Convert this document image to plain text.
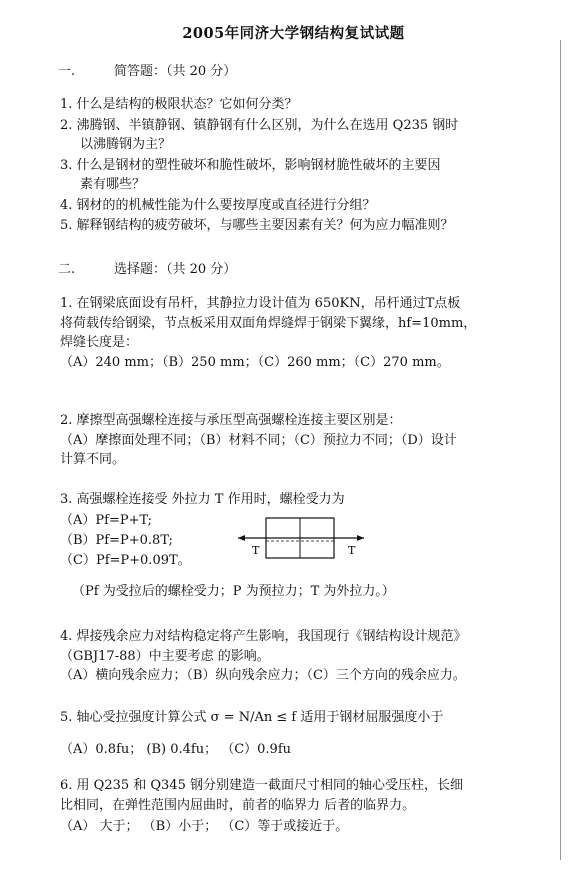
2005年同济大学钢结构复试试题
一.	简答题：（共 20 分）
1. 什么是结构的极限状态？它如何分类？
2. 沸腾钢、半镇静钢、镇静钢有什么区别，为什么在选用 Q235 钢时
以沸腾钢为主？
3. 什么是钢材的塑性破坏和脆性破坏，影响钢材脆性破坏的主要因
素有哪些？
4. 钢材的的机械性能为什么要按厚度或直径进行分组？
5. 解释钢结构的疲劳破坏，与哪些主要因素有关？何为应力幅准则？
二.	选择题：（共 20 分）
1. 在钢梁底面设有吊杆，其静拉力设计值为 650KN，吊杆通过T点板
将荷载传给钢梁，节点板采用双面角焊缝焊于钢梁下翼缘，hf=10mm，
焊缝长度是：
（A）240 mm；（B）250 mm；（C）260 mm；（C）270 mm。
2. 摩擦型高强螺栓连接与承压型高强螺栓连接主要区别是：
（A）摩擦面处理不同；（B）材料不同；（C）预拉力不同；（D）设计
计算不同。
3. 高强螺栓连接受 外拉力 T 作用时，螺栓受力为
（A）Pf=P+T;
（B）Pf=P+0.8T;
（C）Pf=P+0.09T。
T	T
（Pf 为受拉后的螺栓受力；P 为预拉力；T 为外拉力。）
4. 焊接残余应力对结构稳定将产生影响，我国现行《钢结构设计规范》
（GBJ17-88）中主要考虑 的影响。
（A）横向残余应力；（B）纵向残余应力；（C）三个方向的残余应力。
5. 轴心受拉强度计算公式 σ = N/An ≤ f 适用于钢材屈服强度小于
（A）0.8fu； (B) 0.4fu； （C）0.9fu
6. 用 Q235 和 Q345 钢分别建造一截面尺寸相同的轴心受压柱，长细
比相同，在弹性范围内屈曲时，前者的临界力 后者的临界力。
（A） 大于； （B）小于； （C）等于或接近于。
